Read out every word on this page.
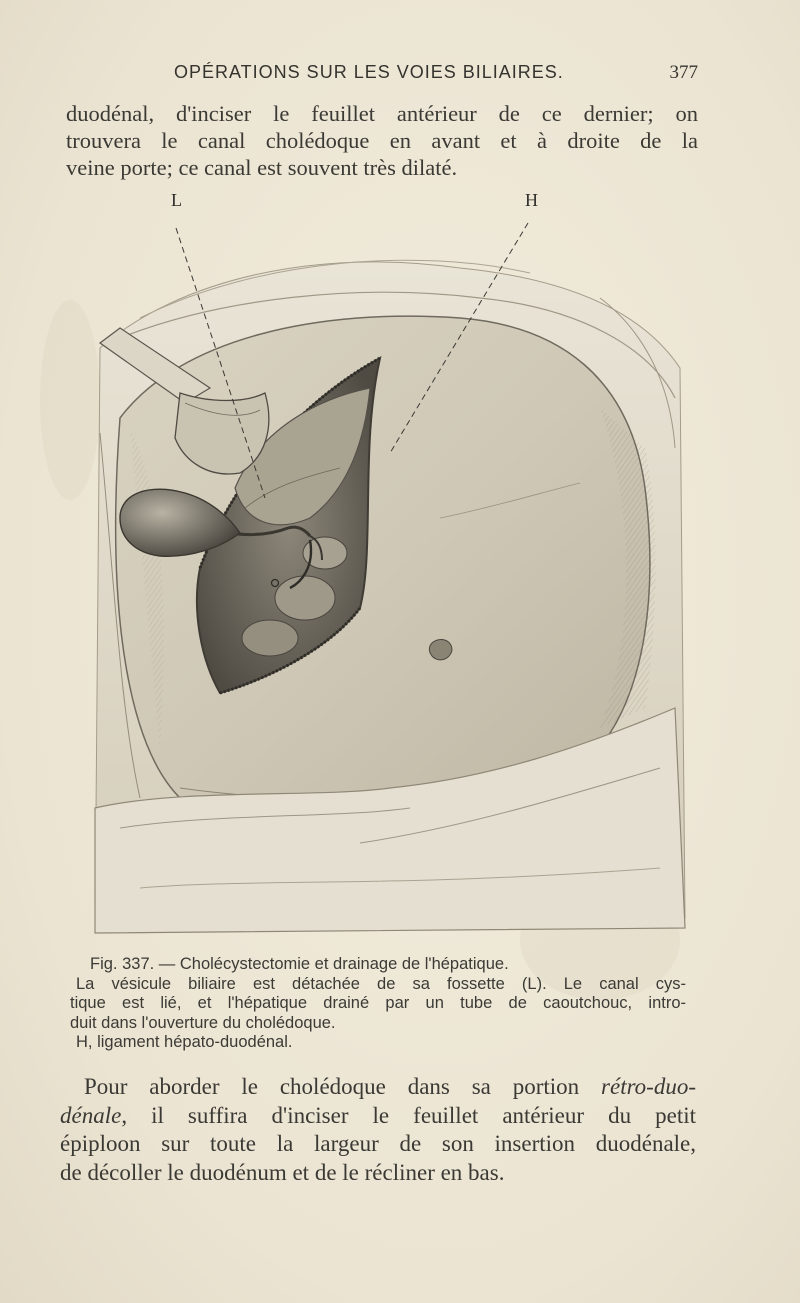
OPÉRATIONS SUR LES VOIES BILIAIRES.	377
duodénal, d'inciser le feuillet antérieur de ce dernier; on
trouvera le canal cholédoque en avant et à droite de la
veine porte; ce canal est souvent très dilaté.
L	H
Fig. 337. — Cholécystectomie et drainage de l'hépatique.
La vésicule biliaire est détachée de sa fossette (L). Le canal cys-
tique est lié, et l'hépatique drainé par un tube de caoutchouc, intro-
duit dans l'ouverture du cholédoque.
H, ligament hépato-duodénal.
Pour aborder le cholédoque dans sa portion rétro-duo-
dénale, il suffira d'inciser le feuillet antérieur du petit
épiploon sur toute la largeur de son insertion duodénale,
de décoller le duodénum et de le récliner en bas.
